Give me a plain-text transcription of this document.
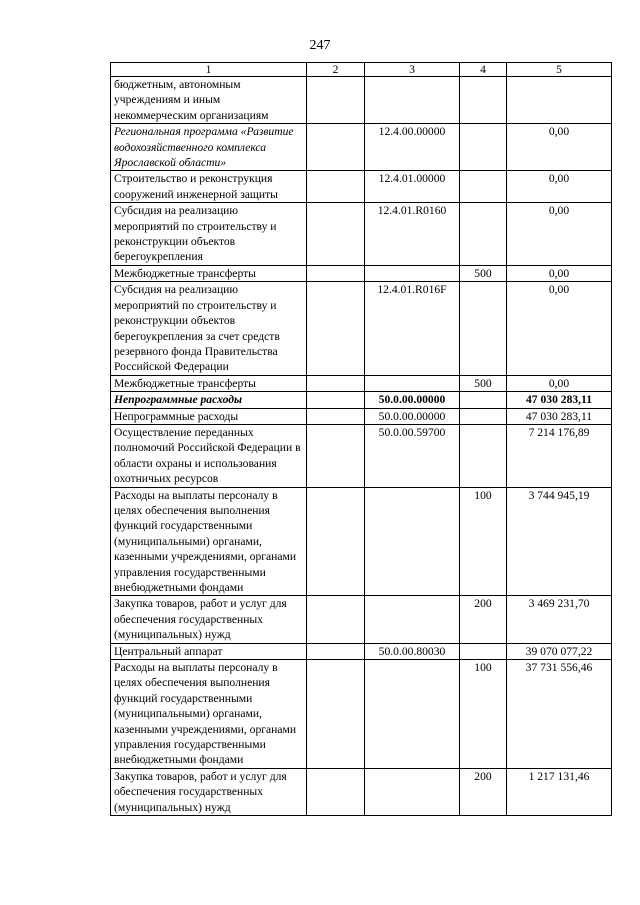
247
1	2	3	4	5
бюджетным, автономным учреждениям и иным некоммерческим организациям				
Региональная программа «Развитие водохозяйственного комплекса Ярославской области»		12.4.00.00000		0,00
Строительство и реконструкция сооружений инженерной защиты		12.4.01.00000		0,00
Субсидия на реализацию мероприятий по строительству и реконструкции объектов берегоукрепления		12.4.01.R0160		0,00
Межбюджетные трансферты			500	0,00
Субсидия на реализацию мероприятий по строительству и реконструкции объектов берегоукрепления за счет средств резервного фонда Правительства Российской Федерации		12.4.01.R016F		0,00
Межбюджетные трансферты			500	0,00
Непрограммные расходы		50.0.00.00000		47 030 283,11
Непрограммные расходы		50.0.00.00000		47 030 283,11
Осуществление переданных полномочий Российской Федерации в области охраны и использования охотничьих ресурсов		50.0.00.59700		7 214 176,89
Расходы на выплаты персоналу в целях обеспечения выполнения функций государственными (муниципальными) органами, казенными учреждениями, органами управления государственными внебюджетными фондами			100	3 744 945,19
Закупка товаров, работ и услуг для обеспечения государственных (муниципальных) нужд			200	3 469 231,70
Центральный аппарат		50.0.00.80030		39 070 077,22
Расходы на выплаты персоналу в целях обеспечения выполнения функций государственными (муниципальными) органами, казенными учреждениями, органами управления государственными внебюджетными фондами			100	37 731 556,46
Закупка товаров, работ и услуг для обеспечения государственных (муниципальных) нужд			200	1 217 131,46
